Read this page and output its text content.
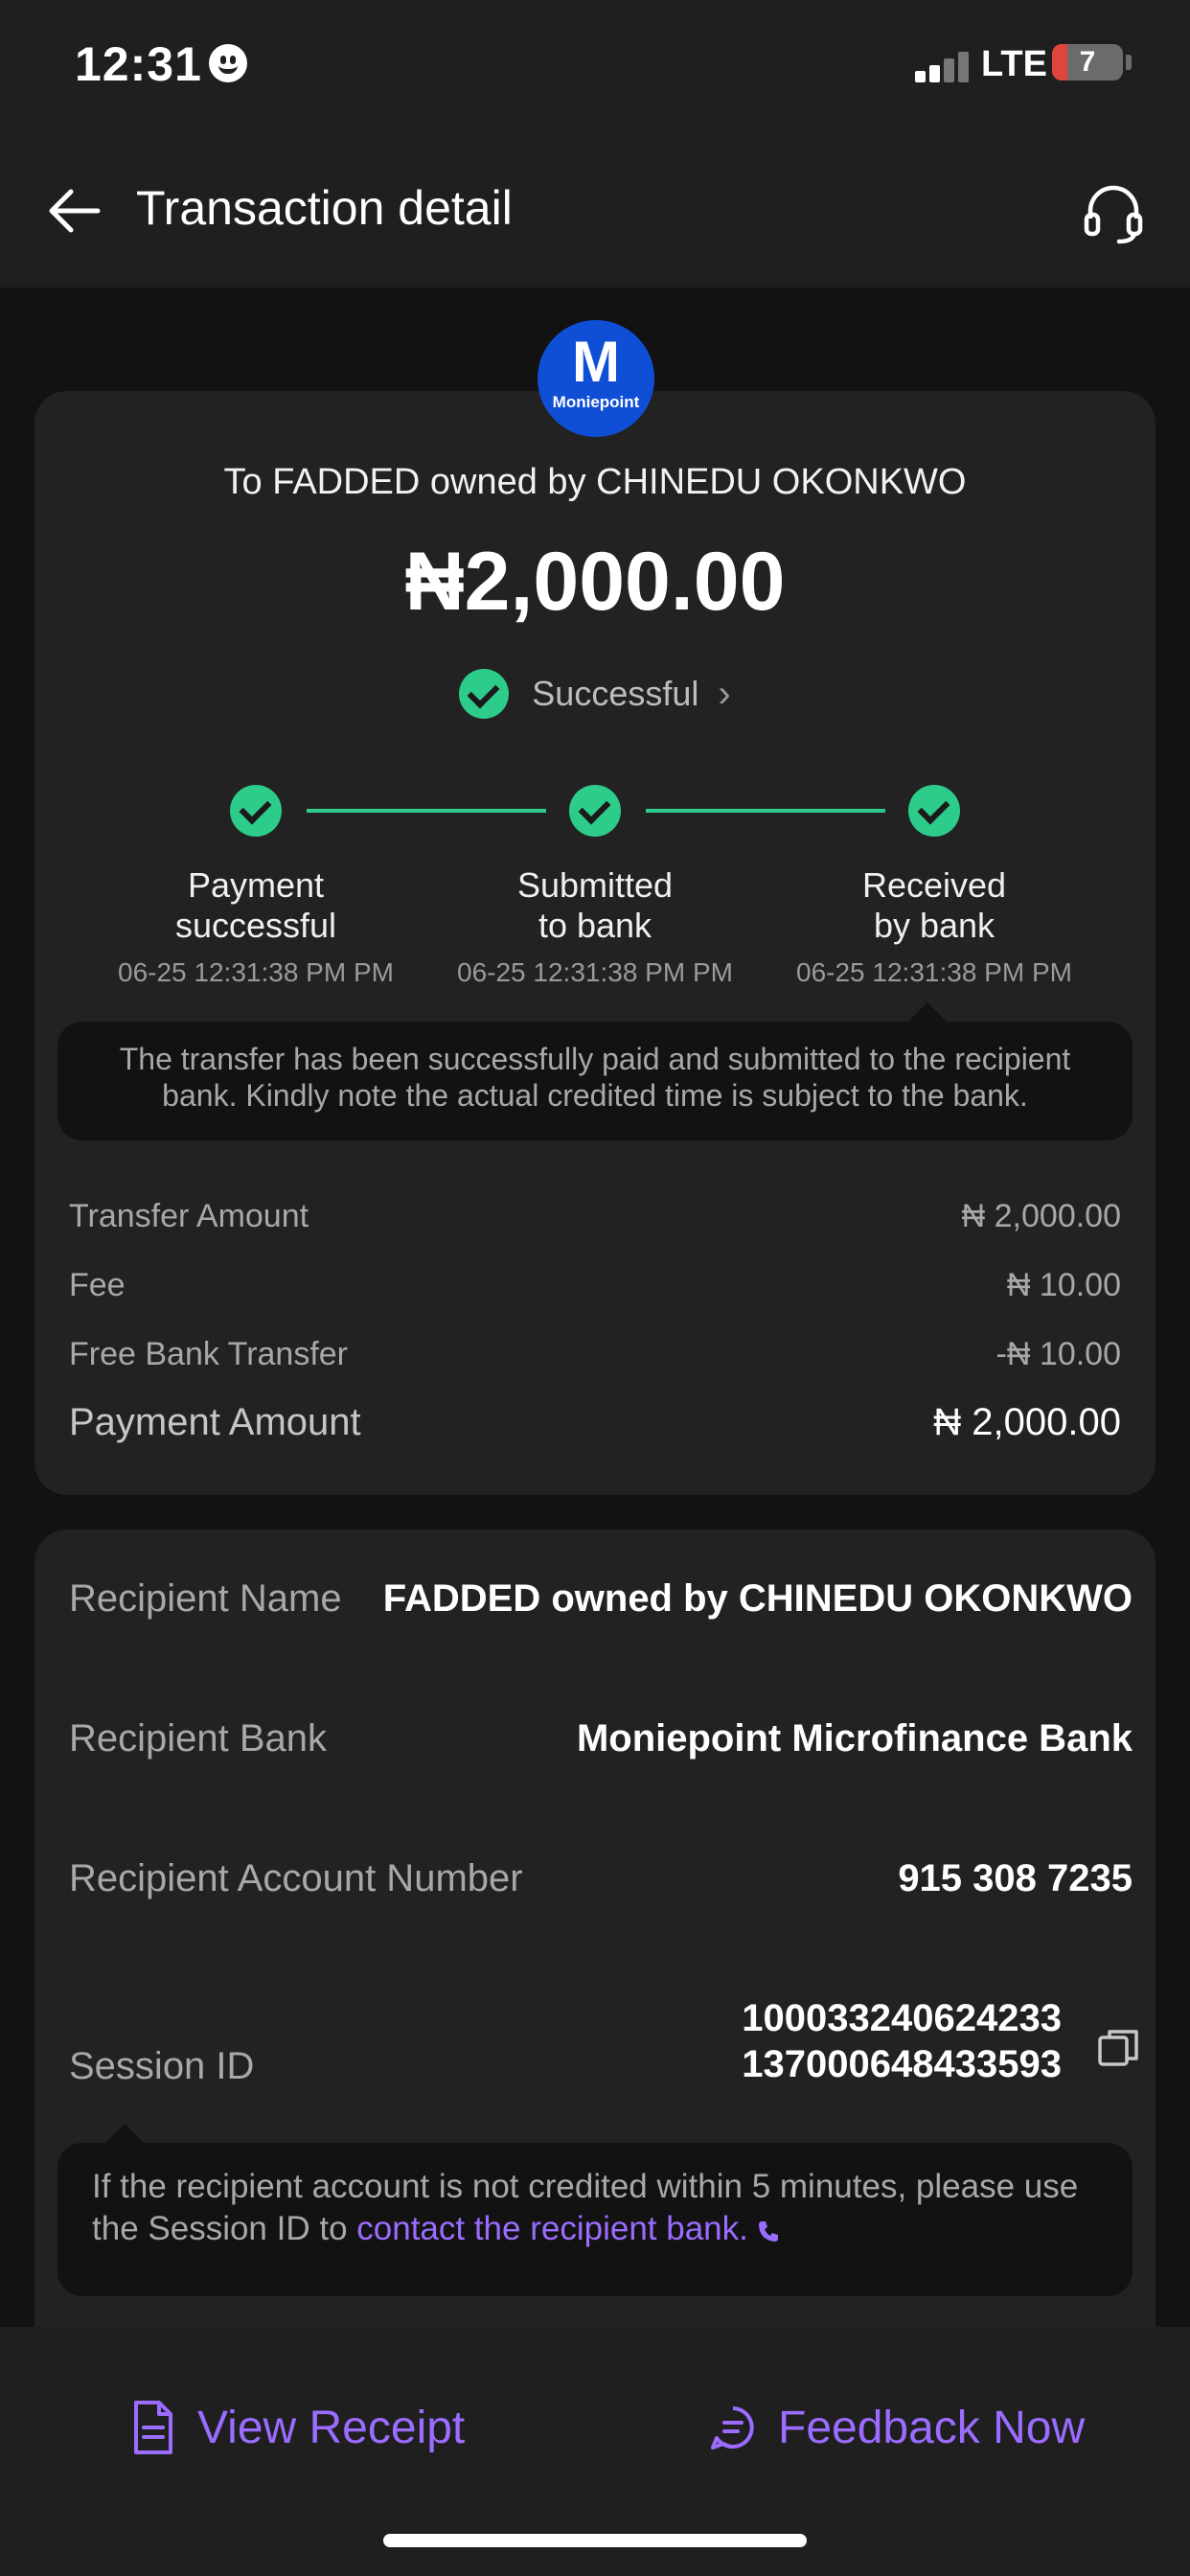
12:31	LTE	7
Transaction detail
M
Moniepoint
To FADDED owned by CHINEDU OKONKWO
₦2,000.00
Successful ›
Payment
successful
06-25 12:31:38 PM PM
Submitted
to bank
06-25 12:31:38 PM PM
Received
by bank
06-25 12:31:38 PM PM
The transfer has been successfully paid and submitted to the recipient bank. Kindly note the actual credited time is subject to the bank.
Transfer Amount	₦ 2,000.00
Fee	₦ 10.00
Free Bank Transfer	-₦ 10.00
Payment Amount	₦ 2,000.00
Recipient Name FADDED owned by CHINEDU OKONKWO
Recipient Bank	Moniepoint Microfinance Bank
Recipient Account Number	915 308 7235
Session ID
100033240624233
137000648433593
If the recipient account is not credited within 5 minutes, please use the Session ID to contact the recipient bank.
View Receipt	Feedback Now
